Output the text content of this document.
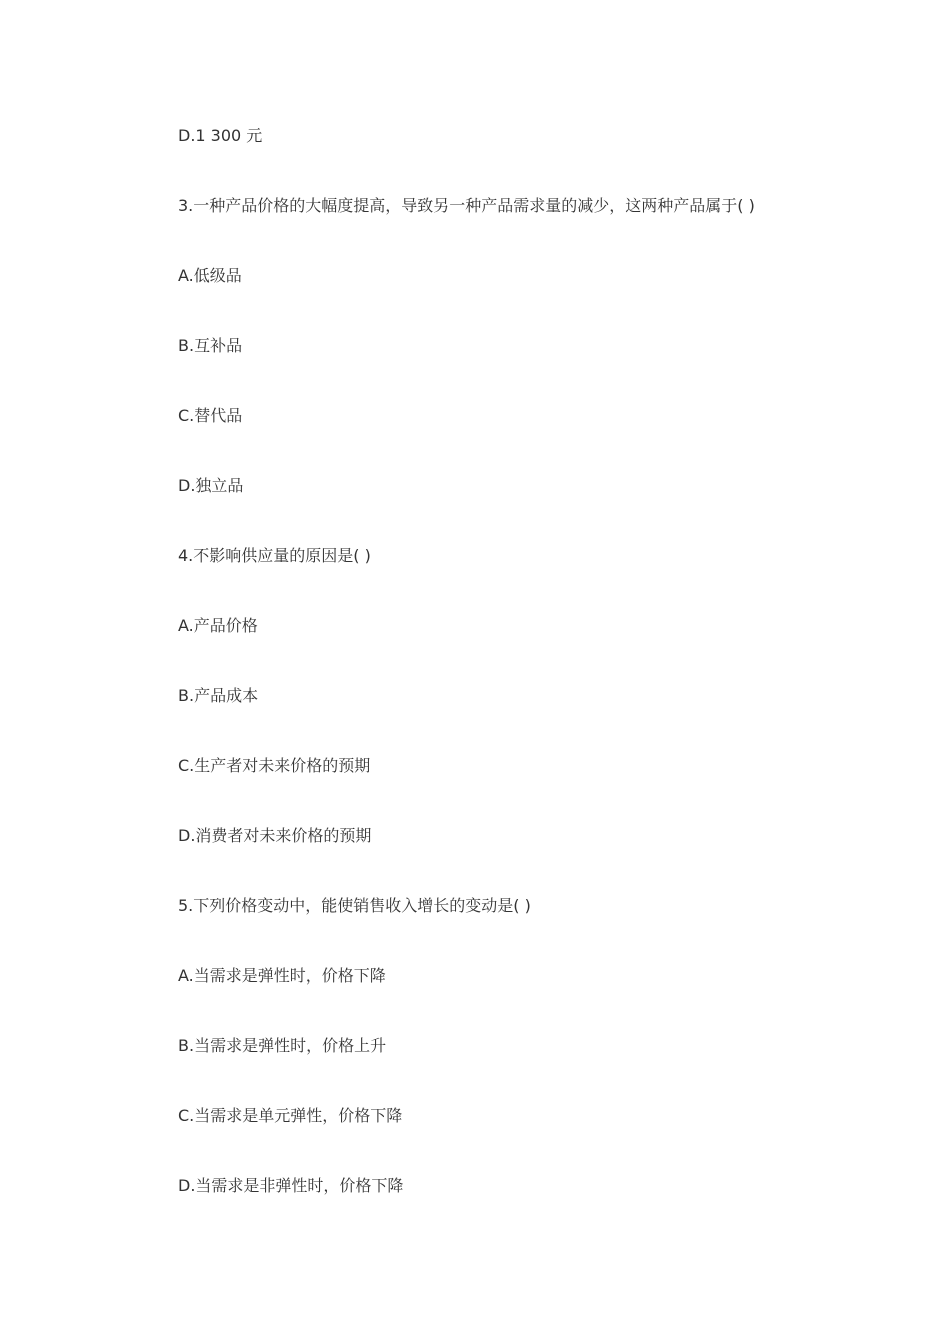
D.1 300 元
3.一种产品价格的大幅度提高，导致另一种产品需求量的减少，这两种产品属于( )
A.低级品
B.互补品
C.替代品
D.独立品
4.不影响供应量的原因是( )
A.产品价格
B.产品成本
C.生产者对未来价格的预期
D.消费者对未来价格的预期
5.下列价格变动中，能使销售收入增长的变动是( )
A.当需求是弹性时，价格下降
B.当需求是弹性时，价格上升
C.当需求是单元弹性，价格下降
D.当需求是非弹性时，价格下降
